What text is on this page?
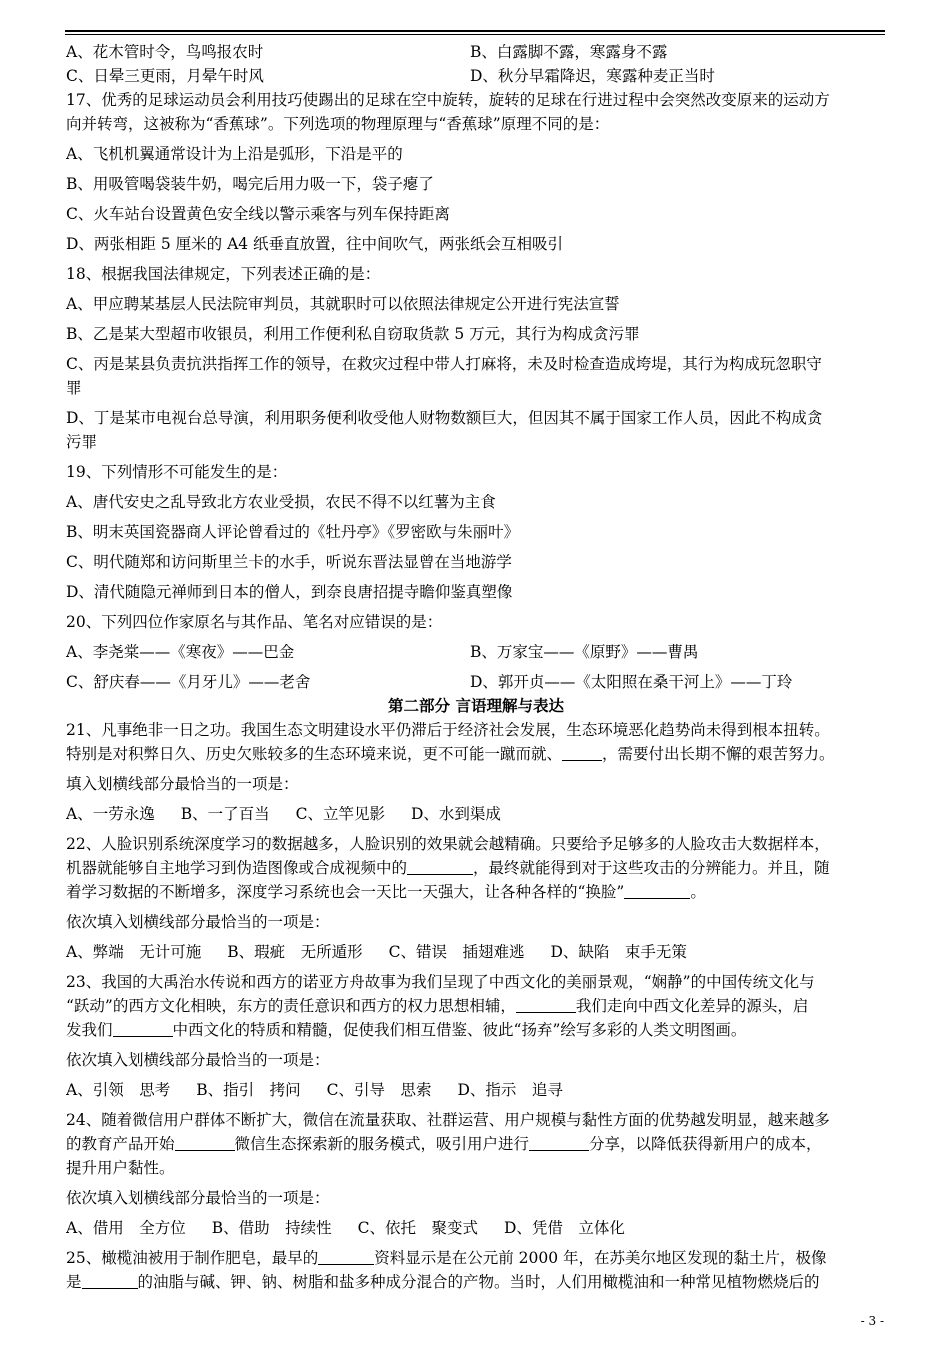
A、花木管时令，鸟鸣报农时	B、白露脚不露，寒露身不露
C、日晕三更雨，月晕午时风	D、秋分早霜降迟，寒露种麦正当时
17、优秀的足球运动员会利用技巧使踢出的足球在空中旋转，旋转的足球在行进过程中会突然改变原来的运动方
向并转弯，这被称为“香蕉球”。下列选项的物理原理与“香蕉球”原理不同的是：
A、飞机机翼通常设计为上沿是弧形，下沿是平的
B、用吸管喝袋装牛奶，喝完后用力吸一下，袋子瘪了
C、火车站台设置黄色安全线以警示乘客与列车保持距离
D、两张相距 5 厘米的 A4 纸垂直放置，往中间吹气，两张纸会互相吸引
18、根据我国法律规定，下列表述正确的是：
A、甲应聘某基层人民法院审判员，其就职时可以依照法律规定公开进行宪法宣誓
B、乙是某大型超市收银员，利用工作便利私自窃取货款 5 万元，其行为构成贪污罪
C、丙是某县负责抗洪指挥工作的领导，在救灾过程中带人打麻将，未及时检查造成垮堤，其行为构成玩忽职守
罪
D、丁是某市电视台总导演，利用职务便利收受他人财物数额巨大，但因其不属于国家工作人员，因此不构成贪
污罪
19、下列情形不可能发生的是：
A、唐代安史之乱导致北方农业受损，农民不得不以红薯为主食
B、明末英国瓷器商人评论曾看过的《牡丹亭》《罗密欧与朱丽叶》
C、明代随郑和访问斯里兰卡的水手，听说东晋法显曾在当地游学
D、清代随隐元禅师到日本的僧人，到奈良唐招提寺瞻仰鉴真塑像
20、下列四位作家原名与其作品、笔名对应错误的是：
A、李尧棠——《寒夜》——巴金	B、万家宝——《原野》——曹禺
C、舒庆春——《月牙儿》——老舍	D、郭开贞——《太阳照在桑干河上》——丁玲
第二部分 言语理解与表达
21、凡事绝非一日之功。我国生态文明建设水平仍滞后于经济社会发展，生态环境恶化趋势尚未得到根本扭转。
特别是对积弊日久、历史欠账较多的生态环境来说，更不可能一蹴而就、	，需要付出长期不懈的艰苦努力。
填入划横线部分最恰当的一项是：
A、一劳永逸 B、一了百当 C、立竿见影 D、水到渠成
22、人脸识别系统深度学习的数据越多，人脸识别的效果就会越精确。只要给予足够多的人脸攻击大数据样本，
机器就能够自主地学习到伪造图像或合成视频中的	，最终就能得到对于这些攻击的分辨能力。并且，随
着学习数据的不断增多，深度学习系统也会一天比一天强大，让各种各样的“换脸”	。
依次填入划横线部分最恰当的一项是：
A、弊端　无计可施 B、瑕疵　无所遁形 C、错误　插翅难逃 D、缺陷　束手无策
23、我国的大禹治水传说和西方的诺亚方舟故事为我们呈现了中西文化的美丽景观，“娴静”的中国传统文化与
“跃动”的西方文化相映，东方的责任意识和西方的权力思想相辅，	我们走向中西文化差异的源头，启
发我们	中西文化的特质和精髓，促使我们相互借鉴、彼此“扬弃”绘写多彩的人类文明图画。
依次填入划横线部分最恰当的一项是：
A、引领　思考 B、指引　拷问 C、引导　思索 D、指示　追寻
24、随着微信用户群体不断扩大，微信在流量获取、社群运营、用户规模与黏性方面的优势越发明显，越来越多
的教育产品开始	微信生态探索新的服务模式，吸引用户进行	分享，以降低获得新用户的成本，
提升用户黏性。
依次填入划横线部分最恰当的一项是：
A、借用　全方位 B、借助　持续性 C、依托　聚变式 D、凭借　立体化
25、橄榄油被用于制作肥皂，最早的	资料显示是在公元前 2000 年，在苏美尔地区发现的黏土片，极像
是	的油脂与碱、钾、钠、树脂和盐多种成分混合的产物。当时，人们用橄榄油和一种常见植物燃烧后的
- 3 -
